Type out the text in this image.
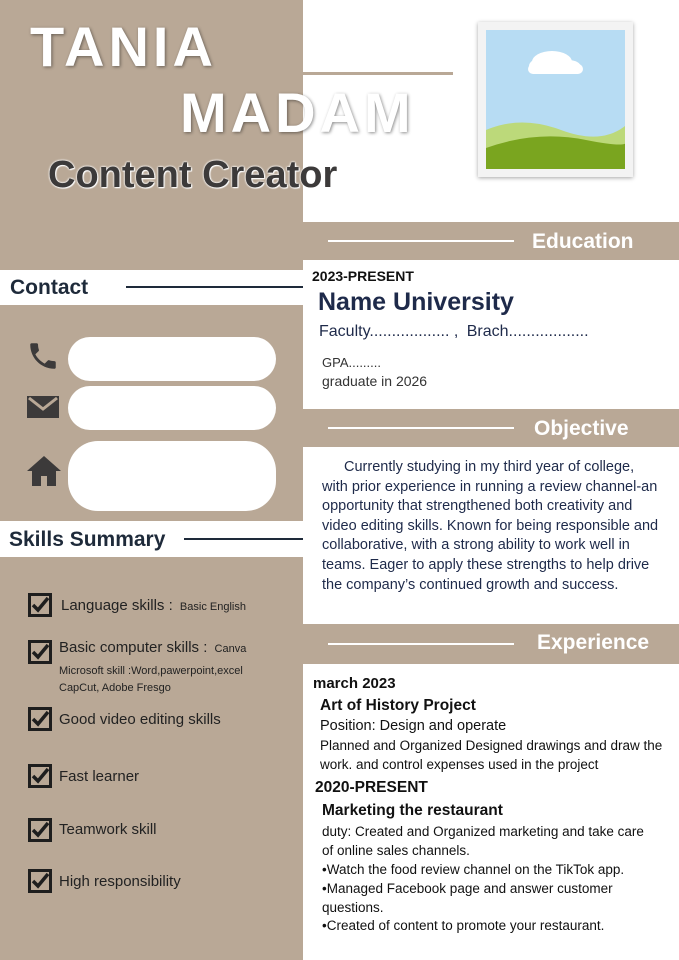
TANIA
MADAM
Content Creator
Education
2023-PRESENT
Name University
Faculty.................. , Brach..................
GPA.........
graduate in 2026
Objective
Currently studying in my third year of college, with prior experience in running a review channel-an opportunity that strengthened both creativity and video editing skills. Known for being responsible and collaborative, with a strong ability to work well in teams. Eager to apply these strengths to help drive the company’s continued growth and success.
Experience
march 2023
Art of History Project
Position: Design and operate
Planned and Organized Designed drawings and draw the
work. and control expenses used in the project
2020-PRESENT
Marketing the restaurant
duty: Created and Organized marketing and take care
of online sales channels.
•Watch the food review channel on the TikTok app.
•Managed Facebook page and answer customer
questions.
•Created of content to promote your restaurant.
Contact
Skills Summary
Language skills : Basic English
Basic computer skills : Canva
Microsoft skill :Word,pawerpoint,excel
CapCut, Adobe Fresgo
Good video editing skills
Fast learner
Teamwork skill
High responsibility
